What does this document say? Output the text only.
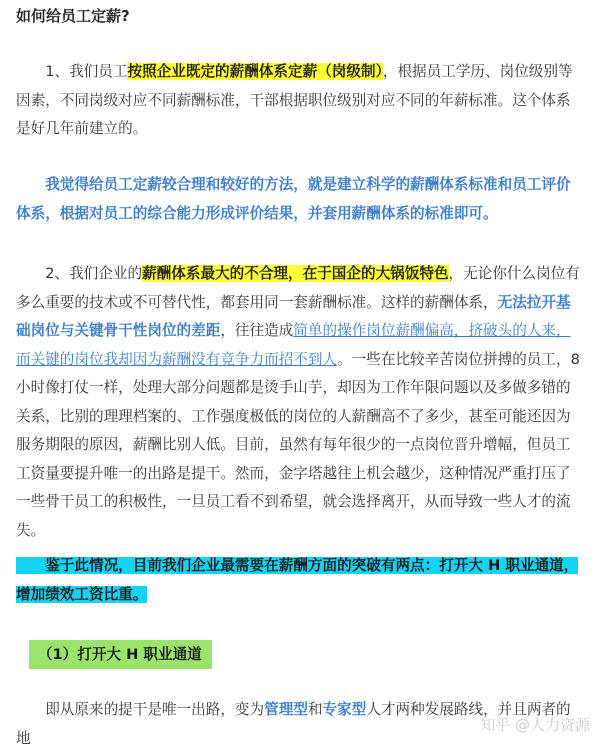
如何给员工定薪?

　　1、我们员工按照企业既定的薪酬体系定薪（岗级制），根据员工学历、岗位级别等因素，不同岗级对应不同薪酬标准，干部根据职位级别对应不同的年薪标准。这个体系是好几年前建立的。

　　我觉得给员工定薪较合理和较好的方法，就是建立科学的薪酬体系标准和员工评价体系，根据对员工的综合能力形成评价结果，并套用薪酬体系的标准即可。

　　2、我们企业的薪酬体系最大的不合理，在于国企的大锅饭特色，无论你什么岗位有多么重要的技术或不可替代性，都套用同一套薪酬标准。这样的薪酬体系，无法拉开基础岗位与关键骨干性岗位的差距，往往造成简单的操作岗位薪酬偏高，挤破头的人来，而关键的岗位我却因为薪酬没有竞争力而招不到人。一些在比较辛苦岗位拼搏的员工，8 小时像打仗一样，处理大部分问题都是烫手山芋，却因为工作年限问题以及多做多错的关系，比别的理理档案的、工作强度极低的岗位的人薪酬高不了多少，甚至可能还因为服务期限的原因，薪酬比别人低。目前，虽然有每年很少的一点岗位晋升增幅，但员工工资量要提升唯一的出路是提干。然而，金字塔越往上机会越少，这种情况严重打压了一些骨干员工的积极性，一旦员工看不到希望，就会选择离开，从而导致一些人才的流失。

　　鉴于此情况，目前我们企业最需要在薪酬方面的突破有两点：打开大 H 职业通道，增加绩效工资比重。

　　（1）打开大 H 职业通道

　　即从原来的提干是唯一出路，变为管理型和专家型人才两种发展路线，并且两者的地

知乎 @人力资源
